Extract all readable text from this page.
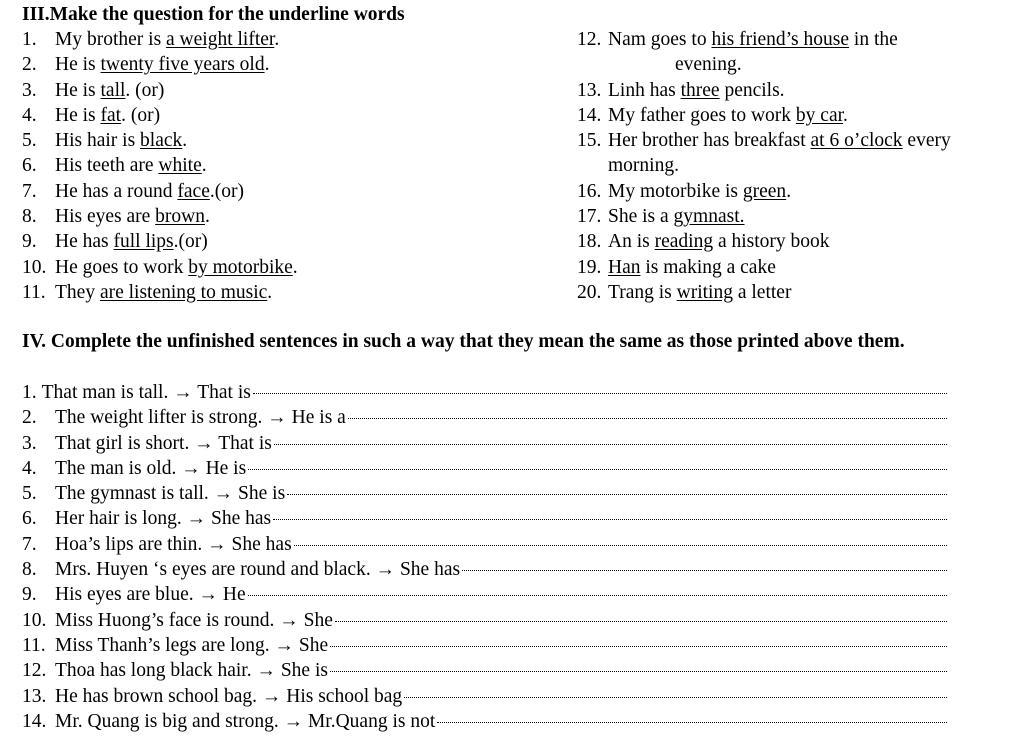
III.Make the question for the underline words
1. My brother is a weight lifter.
2. He is twenty five years old.
3. He is tall. (or)
4. He is fat. (or)
5. His hair is black.
6. His teeth are white.
7. He has a round face.(or)
8. His eyes are brown.
9. He has full lips.(or)
10. He goes to work by motorbike.
11. They are listening to music.
12. Nam goes to his friend’s house in the
evening.
13. Linh has three pencils.
14. My father goes to work by car.
15. Her brother has breakfast at 6 o’clock every
morning.
16. My motorbike is green.
17. She is a gymnast.
18. An is reading a history book
19. Han is making a cake
20. Trang is writing a letter
IV. Complete the unfinished sentences in such a way that they mean the same as those printed above them.
1. That man is tall. → That is
2. The weight lifter is strong. → He is a
3. That girl is short. → That is
4. The man is old. → He is
5. The gymnast is tall. → She is
6. Her hair is long. → She has
7. Hoa’s lips are thin. → She has
8. Mrs. Huyen ‘s eyes are round and black. → She has
9. His eyes are blue. → He
10. Miss Huong’s face is round. → She
11. Miss Thanh’s legs are long. → She
12. Thoa has long black hair. → She is
13. He has brown school bag. → His school bag
14. Mr. Quang is big and strong. → Mr.Quang is not
